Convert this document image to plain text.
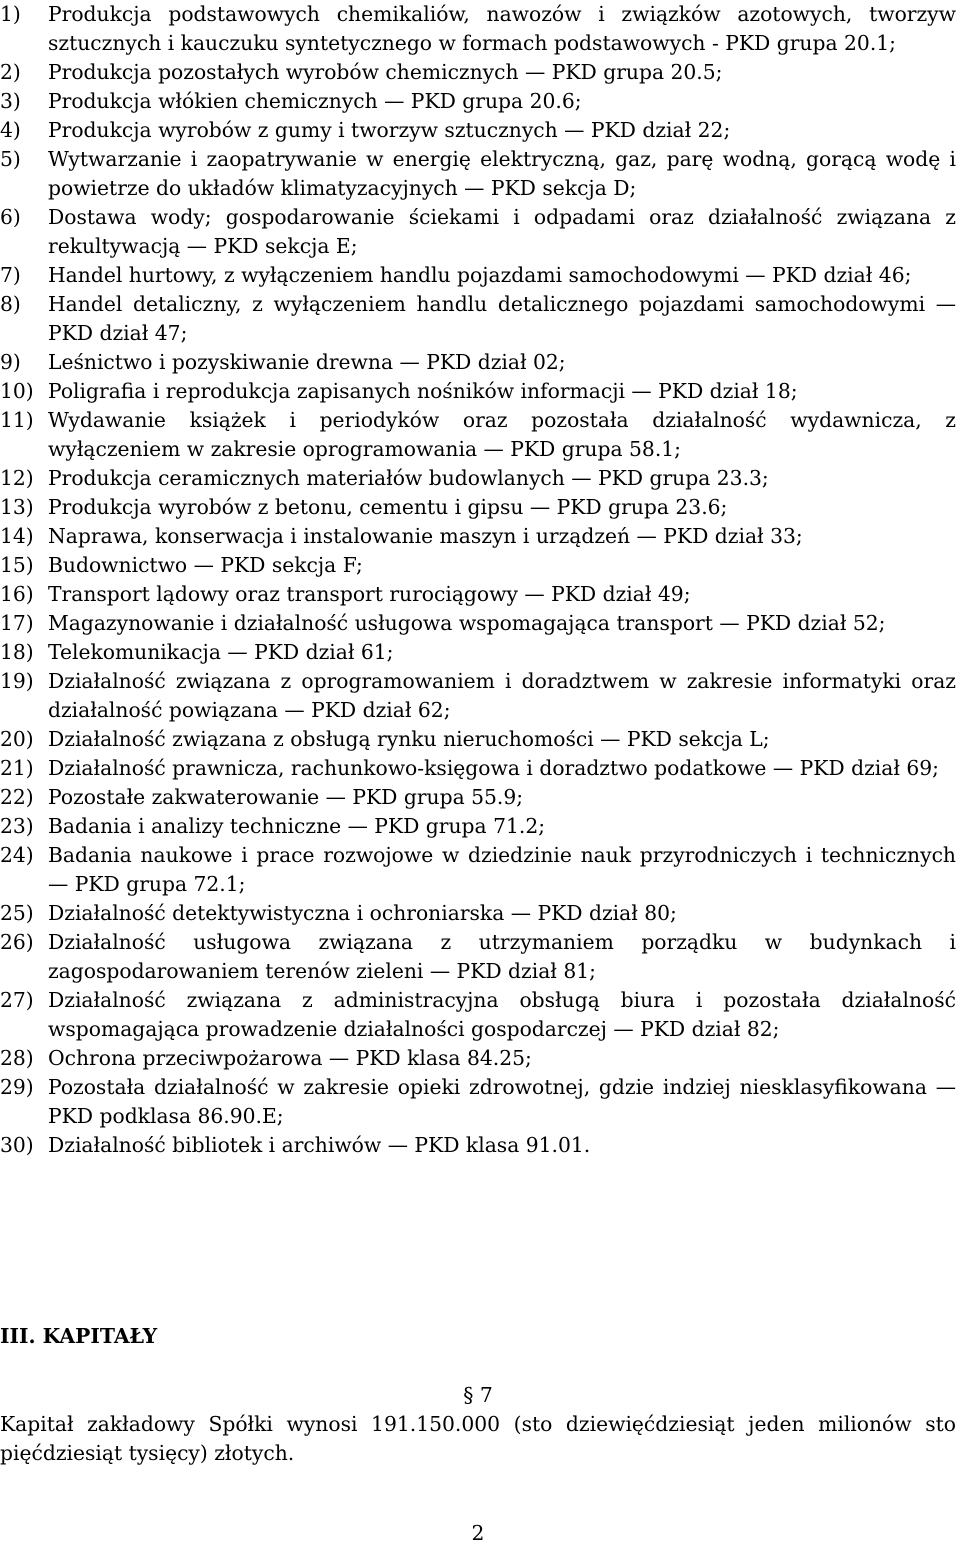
1) Produkcja podstawowych chemikaliów, nawozów i związków azotowych, tworzyw sztucznych i kauczuku syntetycznego w formach podstawowych - PKD grupa 20.1;
2) Produkcja pozostałych wyrobów chemicznych — PKD grupa 20.5;
3) Produkcja włókien chemicznych — PKD grupa 20.6;
4) Produkcja wyrobów z gumy i tworzyw sztucznych — PKD dział 22;
5) Wytwarzanie i zaopatrywanie w energię elektryczną, gaz, parę wodną, gorącą wodę i powietrze do układów klimatyzacyjnych — PKD sekcja D;
6) Dostawa wody; gospodarowanie ściekami i odpadami oraz działalność związana z rekultywacją — PKD sekcja E;
7) Handel hurtowy, z wyłączeniem handlu pojazdami samochodowymi — PKD dział 46;
8) Handel detaliczny, z wyłączeniem handlu detalicznego pojazdami samochodowymi — PKD dział 47;
9) Leśnictwo i pozyskiwanie drewna — PKD dział 02;
10) Poligrafia i reprodukcja zapisanych nośników informacji — PKD dział 18;
11) Wydawanie książek i periodyków oraz pozostała działalność wydawnicza, z wyłączeniem w zakresie oprogramowania — PKD grupa 58.1;
12) Produkcja ceramicznych materiałów budowlanych — PKD grupa 23.3;
13) Produkcja wyrobów z betonu, cementu i gipsu — PKD grupa 23.6;
14) Naprawa, konserwacja i instalowanie maszyn i urządzeń — PKD dział 33;
15) Budownictwo — PKD sekcja F;
16) Transport lądowy oraz transport rurociągowy — PKD dział 49;
17) Magazynowanie i działalność usługowa wspomagająca transport — PKD dział 52;
18) Telekomunikacja — PKD dział 61;
19) Działalność związana z oprogramowaniem i doradztwem w zakresie informatyki oraz działalność powiązana — PKD dział 62;
20) Działalność związana z obsługą rynku nieruchomości — PKD sekcja L;
21) Działalność prawnicza, rachunkowo-księgowa i doradztwo podatkowe — PKD dział 69;
22) Pozostałe zakwaterowanie — PKD grupa 55.9;
23) Badania i analizy techniczne — PKD grupa 71.2;
24) Badania naukowe i prace rozwojowe w dziedzinie nauk przyrodniczych i technicznych — PKD grupa 72.1;
25) Działalność detektywistyczna i ochroniarska — PKD dział 80;
26) Działalność usługowa związana z utrzymaniem porządku w budynkach i zagospodarowaniem terenów zieleni — PKD dział 81;
27) Działalność związana z administracyjna obsługą biura i pozostała działalność wspomagająca prowadzenie działalności gospodarczej — PKD dział 82;
28) Ochrona przeciwpożarowa — PKD klasa 84.25;
29) Pozostała działalność w zakresie opieki zdrowotnej, gdzie indziej niesklasyfikowana — PKD podklasa 86.90.E;
30) Działalność bibliotek i archiwów — PKD klasa 91.01.
III. KAPITAŁY
§ 7

Kapitał zakładowy Spółki wynosi 191.150.000 (sto dziewięćdziesiąt jeden milionów sto pięćdziesiąt tysięcy) złotych.

2
